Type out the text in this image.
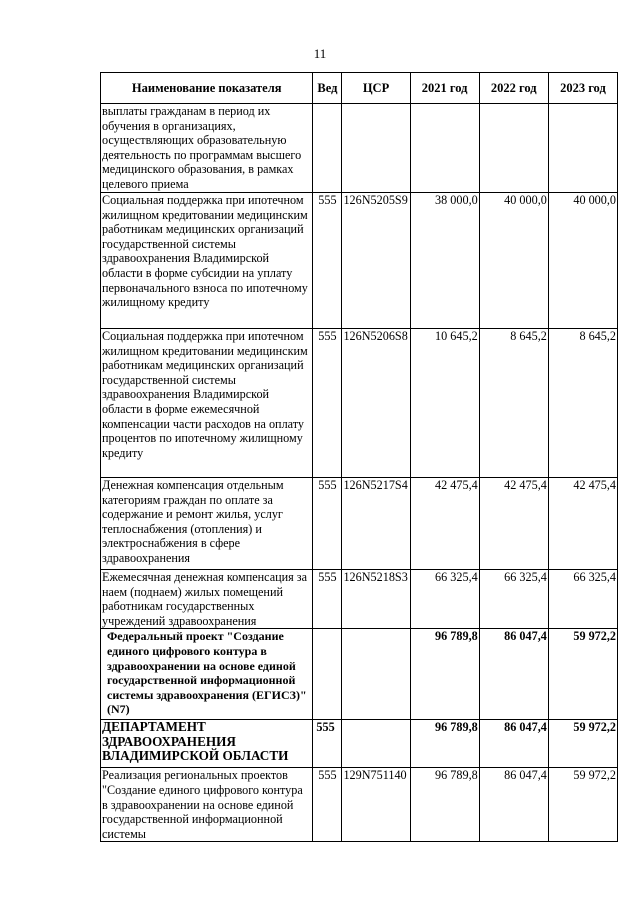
11
Наименование показателя	Вед	ЦСР	2021 год	2022 год	2023 год
выплаты гражданам в период их обучения в организациях, осуществляющих образовательную деятельность по программам высшего медицинского образования, в рамках целевого приема					
Социальная поддержка при ипотечном жилищном кредитовании медицинским работникам медицинских организаций государственной системы здравоохранения Владимирской области в форме субсидии на уплату первоначального взноса по ипотечному жилищному кредиту	555	126N5205S9	38 000,0	40 000,0	40 000,0
Социальная поддержка при ипотечном жилищном кредитовании медицинским работникам медицинских организаций государственной системы здравоохранения Владимирской области в форме ежемесячной компенсации части расходов на оплату процентов по ипотечному жилищному кредиту	555	126N5206S8	10 645,2	8 645,2	8 645,2
Денежная компенсация отдельным категориям граждан по оплате за содержание и ремонт жилья, услуг теплоснабжения (отопления) и электроснабжения в сфере здравоохранения	555	126N5217S4	42 475,4	42 475,4	42 475,4
Ежемесячная денежная компенсация за наем (поднаем) жилых помещений работникам государственных учреждений здравоохранения	555	126N5218S3	66 325,4	66 325,4	66 325,4
Федеральный проект "Создание единого цифрового контура в здравоохранении на основе единой государственной информационной системы здравоохранения (ЕГИСЗ)" (N7)			96 789,8	86 047,4	59 972,2
ДЕПАРТАМЕНТ ЗДРАВООХРАНЕНИЯ ВЛАДИМИРСКОЙ ОБЛАСТИ	555		96 789,8	86 047,4	59 972,2
Реализация региональных проектов "Создание единого цифрового контура в здравоохранении на основе единой государственной информационной системы	555	129N751140	96 789,8	86 047,4	59 972,2
